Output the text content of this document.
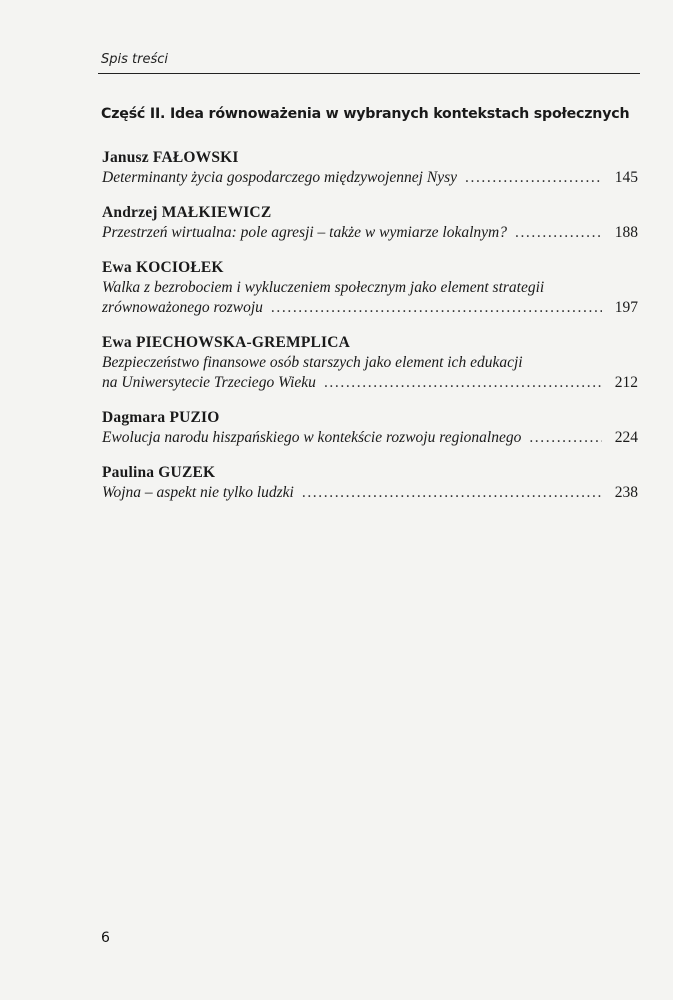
Spis treści
Część II. Idea równoważenia w wybranych kontekstach społecznych
Janusz FAŁOWSKI
Determinanty życia gospodarczego międzywojennej Nysy .....	145
Andrzej MAŁKIEWICZ
Przestrzeń wirtualna: pole agresji – także w wymiarze lokalnym? .....	188
Ewa KOCIOŁEK
Walka z bezrobociem i wykluczeniem społecznym jako element strategii
zrównoważonego rozwoju .....	197
Ewa PIECHOWSKA-GREMPLICA
Bezpieczeństwo finansowe osób starszych jako element ich edukacji
na Uniwersytecie Trzeciego Wieku .....	212
Dagmara PUZIO
Ewolucja narodu hiszpańskiego w kontekście rozwoju regionalnego .....	224
Paulina GUZEK
Wojna – aspekt nie tylko ludzki .....	238
6
